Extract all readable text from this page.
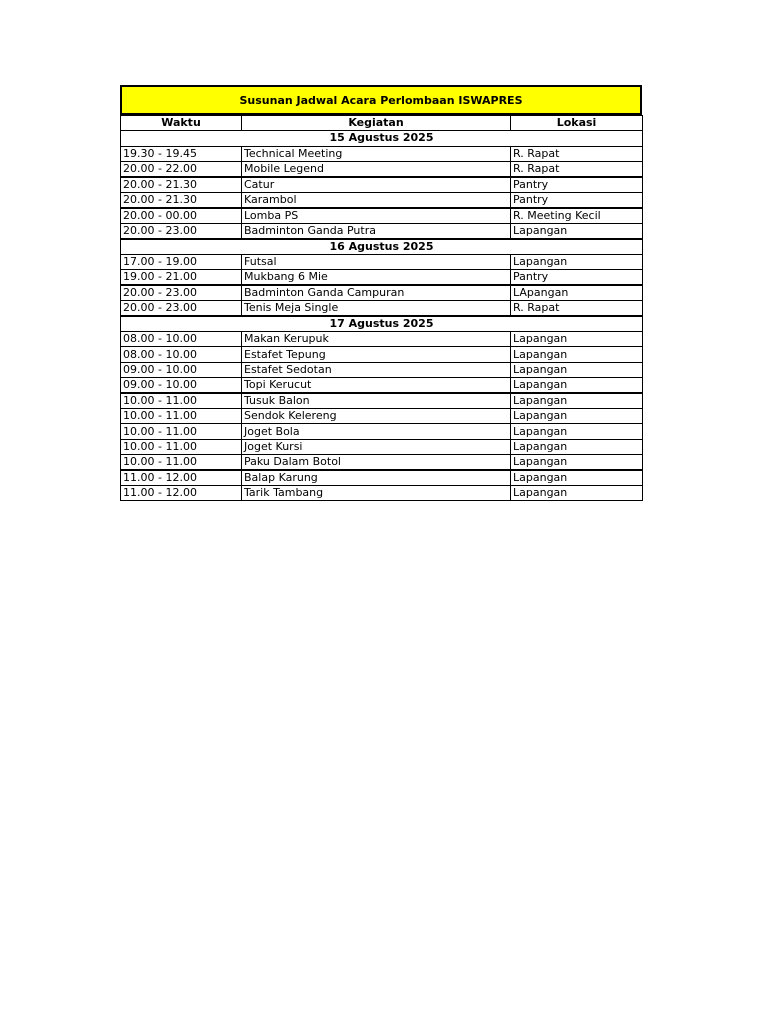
Susunan Jadwal Acara Perlombaan ISWAPRES
Waktu	Kegiatan	Lokasi
15 Agustus 2025		
19.30 - 19.45	Technical Meeting	R. Rapat
20.00 - 22.00	Mobile Legend	R. Rapat
20.00 - 21.30	Catur	Pantry
20.00 - 21.30	Karambol	Pantry
20.00 - 00.00	Lomba PS	R. Meeting Kecil
20.00 - 23.00	Badminton Ganda Putra	Lapangan
16 Agustus 2025		
17.00 - 19.00	Futsal	Lapangan
19.00 - 21.00	Mukbang 6 Mie	Pantry
20.00 - 23.00	Badminton Ganda Campuran	LApangan
20.00 - 23.00	Tenis Meja Single	R. Rapat
17 Agustus 2025		
08.00 - 10.00	Makan Kerupuk	Lapangan
08.00 - 10.00	Estafet Tepung	Lapangan
09.00 - 10.00	Estafet Sedotan	Lapangan
09.00 - 10.00	Topi Kerucut	Lapangan
10.00 - 11.00	Tusuk Balon	Lapangan
10.00 - 11.00	Sendok Kelereng	Lapangan
10.00 - 11.00	Joget Bola	Lapangan
10.00 - 11.00	Joget Kursi	Lapangan
10.00 - 11.00	Paku Dalam Botol	Lapangan
11.00 - 12.00	Balap Karung	Lapangan
11.00 - 12.00	Tarik Tambang	Lapangan
